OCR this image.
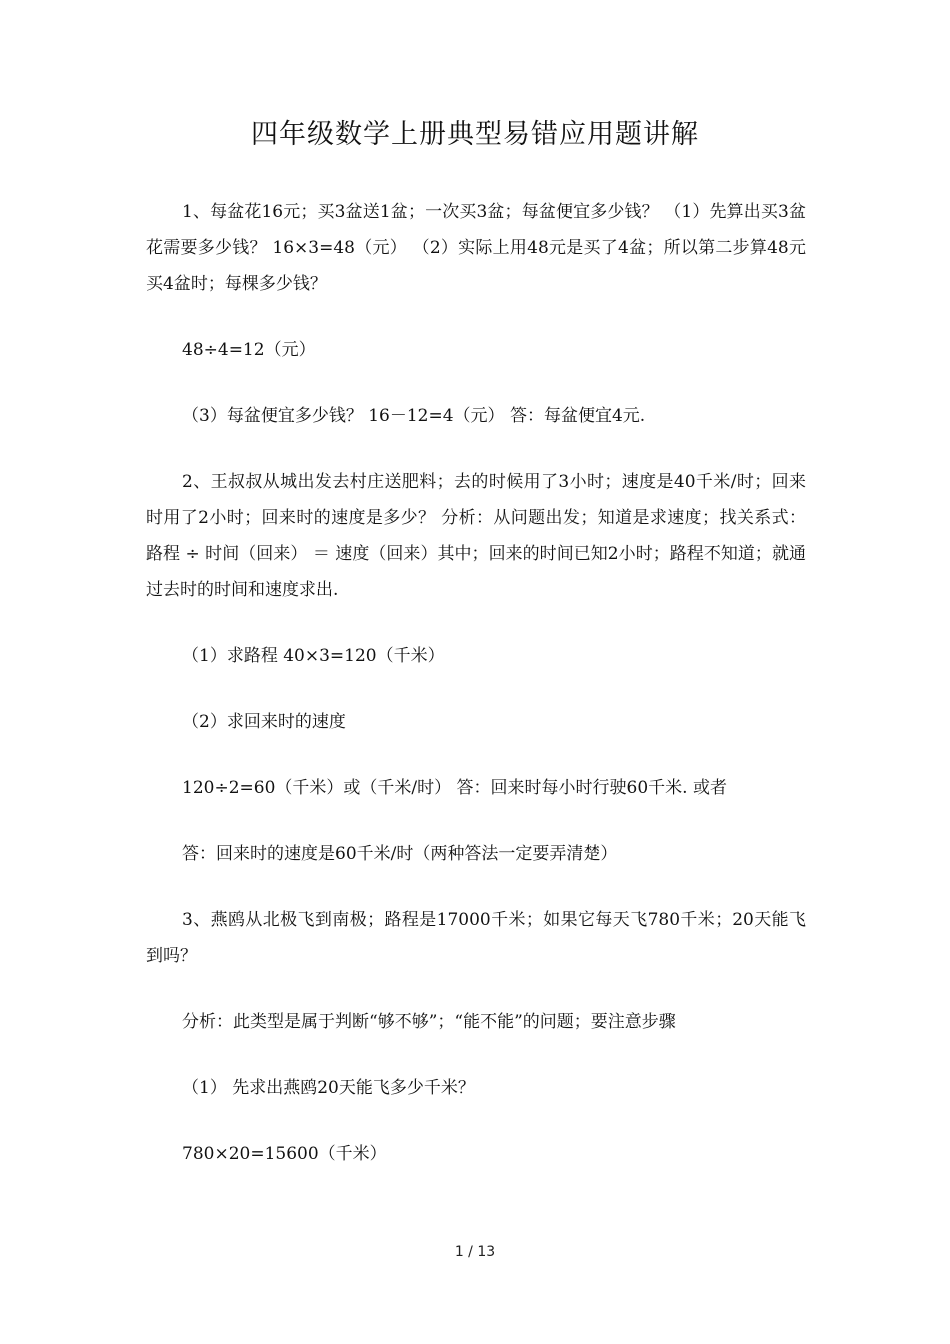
四年级数学上册典型易错应用题讲解

1、每盆花16元；买3盆送1盆；一次买3盆；每盆便宜多少钱？ （1）先算出买3盆花需要多少钱？ 16×3=48（元） （2）实际上用48元是买了4盆；所以第二步算48元买4盆时；每棵多少钱？

48÷4=12（元）

（3）每盆便宜多少钱？ 16－12=4（元） 答：每盆便宜4元.

2、王叔叔从城出发去村庄送肥料；去的时候用了3小时；速度是40千米/时；回来时用了2小时；回来时的速度是多少？ 分析：从问题出发；知道是求速度；找关系式：路程 ÷ 时间（回来） ＝ 速度（回来）其中；回来的时间已知2小时；路程不知道；就通过去时的时间和速度求出.

（1）求路程 40×3=120（千米）

（2）求回来时的速度

120÷2=60（千米）或（千米/时） 答：回来时每小时行驶60千米. 或者

答：回来时的速度是60千米/时（两种答法一定要弄清楚）

3、燕鸥从北极飞到南极；路程是17000千米；如果它每天飞780千米；20天能飞到吗？

分析：此类型是属于判断“够不够”；“能不能”的问题；要注意步骤

（1） 先求出燕鸥20天能飞多少千米？

780×20=15600（千米）

1 / 13
